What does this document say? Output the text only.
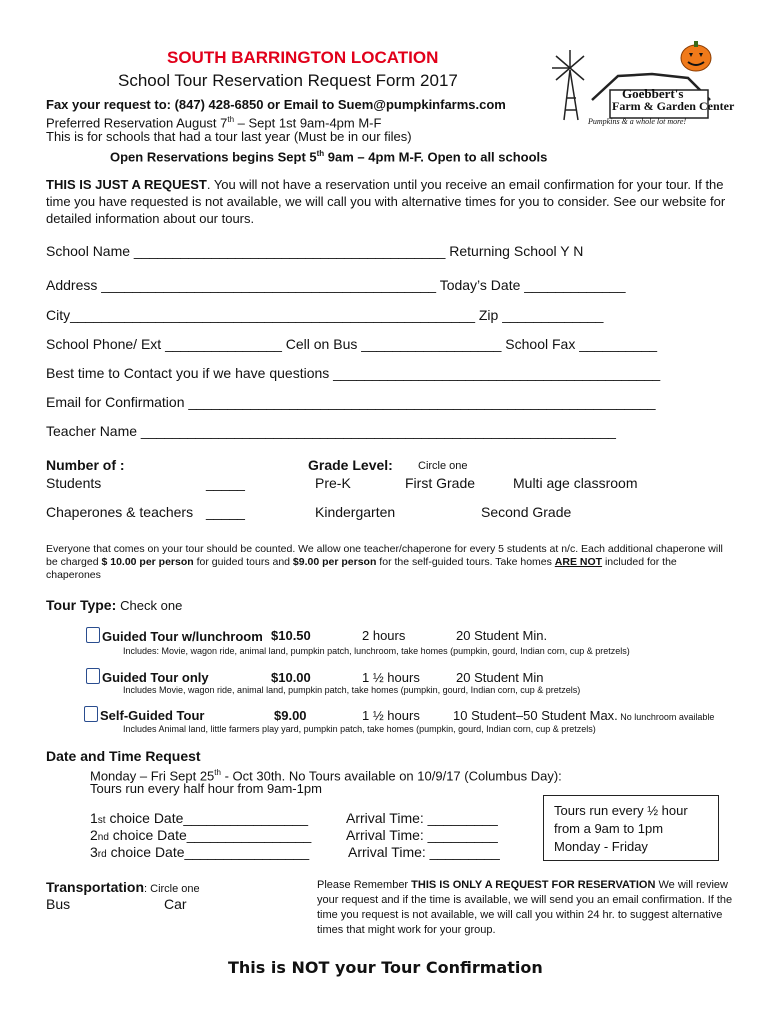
SOUTH BARRINGTON LOCATION
School Tour Reservation Request Form 2017
Fax your request to: (847) 428-6850 or Email to Suem@pumpkinfarms.com
Preferred Reservation August 7th – Sept 1st 9am-4pm M-F
This is for schools that had a tour last year (Must be in our files)
Open Reservations begins Sept 5th 9am – 4pm M-F. Open to all schools
Goebbert's
Farm & Garden Center
Pumpkins & a whole lot more!
THIS IS JUST A REQUEST. You will not have a reservation until you receive an email confirmation for your tour. If the time you have requested is not available, we will call you with alternative times for you to consider. See our website for detailed information about our tours.
School Name ________________________________________ Returning School Y N
Address ___________________________________________ Today’s Date _____________
City____________________________________________________ Zip _____________
School Phone/ Ext _______________ Cell on Bus __________________ School Fax __________
Best time to Contact you if we have questions __________________________________________
Email for Confirmation ____________________________________________________________
Teacher Name _____________________________________________________________
Number of :
Students	_____
Chaperones & teachers _____
Grade Level: Circle one
Pre-K	First Grade	Multi age classroom
Kindergarten	Second Grade
Everyone that comes on your tour should be counted. We allow one teacher/chaperone for every 5 students at n/c. Each additional chaperone will be charged $ 10.00 per person for guided tours and $9.00 per person for the self-guided tours. Take homes ARE NOT included for the chaperones
Tour Type: Check one
Guided Tour w/lunchroom $10.50	2 hours	20 Student Min.
Includes: Movie, wagon ride, animal land, pumpkin patch, lunchroom, take homes (pumpkin, gourd, Indian corn, cup & pretzels)
Guided Tour only	$10.00	1 ½ hours	20 Student Min
Includes Movie, wagon ride, animal land, pumpkin patch, take homes (pumpkin, gourd, Indian corn, cup & pretzels)
Self-Guided Tour	$9.00	1 ½ hours	10 Student–50 Student Max. No lunchroom available
Includes Animal land, little farmers play yard, pumpkin patch, take homes (pumpkin, gourd, Indian corn, cup & pretzels)
Date and Time Request
Monday – Fri Sept 25th - Oct 30th. No Tours available on 10/9/17 (Columbus Day):
Tours run every half hour from 9am-1pm
1st choice Date________________	Arrival Time: _________
2nd choice Date________________ Arrival Time: _________
3rd choice Date________________	Arrival Time: _________
Tours run every ½ hour from a 9am to 1pm Monday - Friday
Transportation: Circle one
Bus	Car
Please Remember THIS IS ONLY A REQUEST FOR RESERVATION We will review your request and if the time is available, we will send you an email confirmation. If the time you request is not available, we will call you within 24 hr. to suggest alternative times that might work for your group.
This is NOT your Tour Confirmation
